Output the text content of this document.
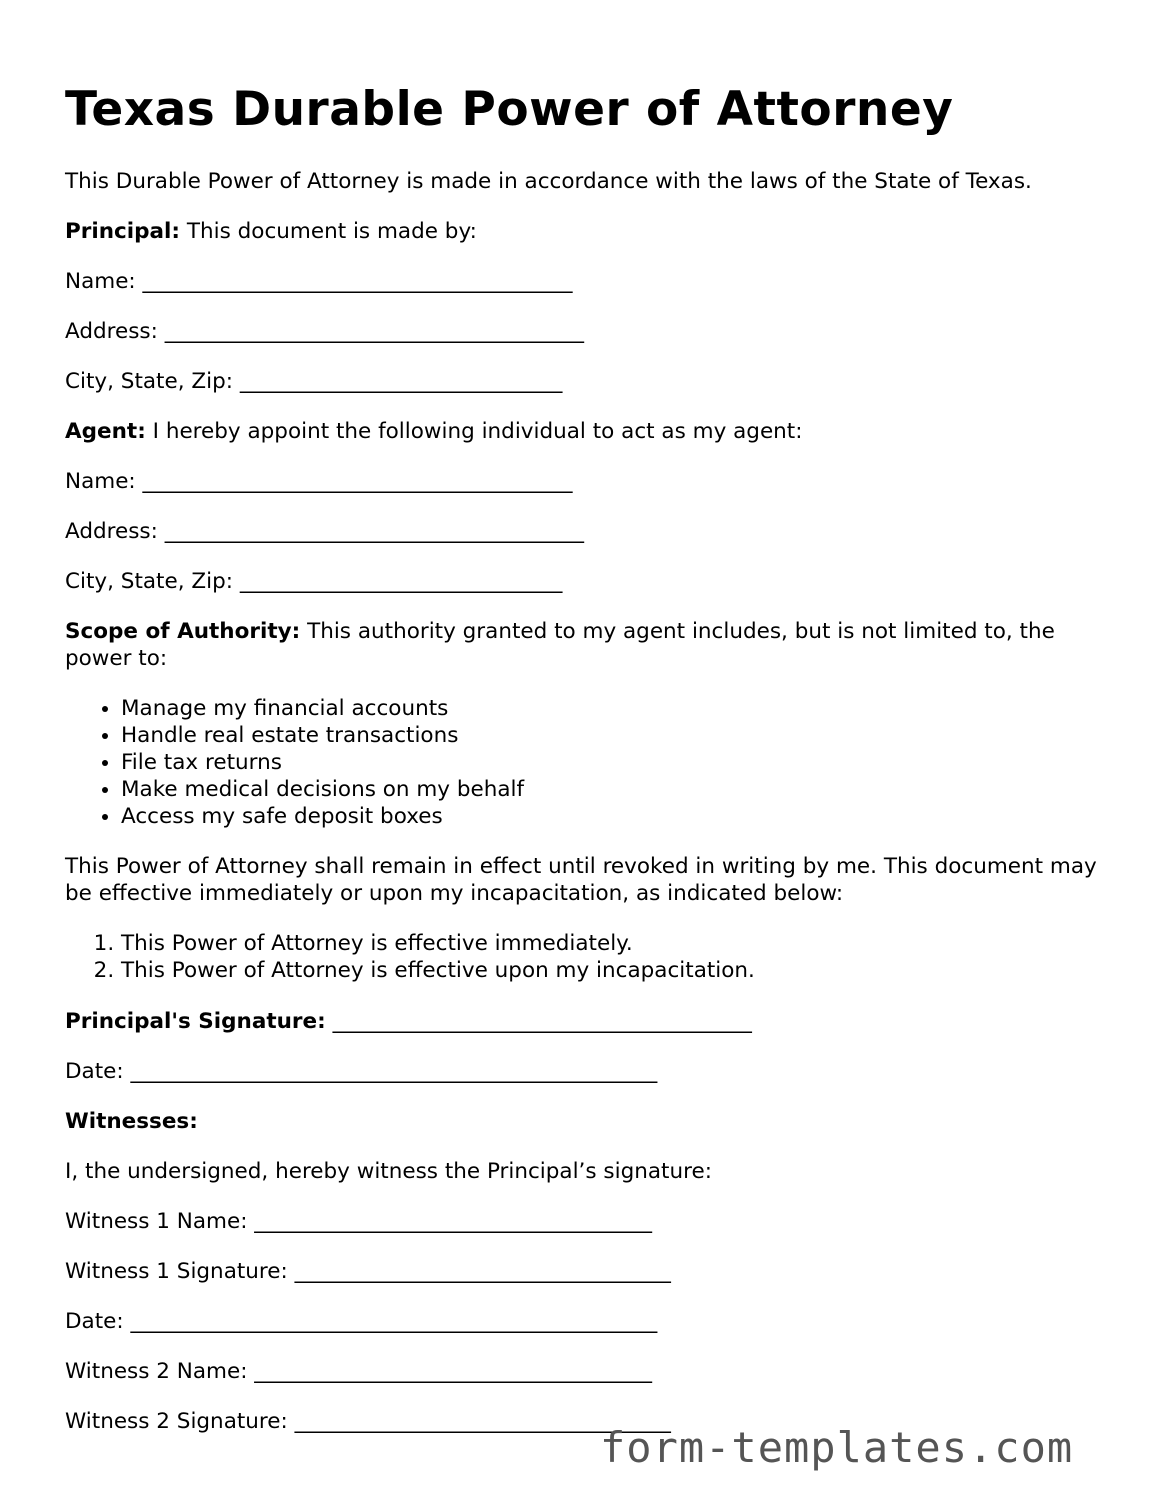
Texas Durable Power of Attorney

This Durable Power of Attorney is made in accordance with the laws of the State of Texas.

Principal: This document is made by:

Name: ________________________________________

Address: _______________________________________

City, State, Zip: ______________________________

Agent: I hereby appoint the following individual to act as my agent:

Name: ________________________________________

Address: _______________________________________

City, State, Zip: ______________________________

Scope of Authority: This authority granted to my agent includes, but is not limited to, the power to:

• Manage my financial accounts
• Handle real estate transactions
• File tax returns
• Make medical decisions on my behalf
• Access my safe deposit boxes

This Power of Attorney shall remain in effect until revoked in writing by me. This document may be effective immediately or upon my incapacitation, as indicated below:

1. This Power of Attorney is effective immediately.
2. This Power of Attorney is effective upon my incapacitation.

Principal's Signature: _______________________________________

Date: _________________________________________________

Witnesses:

I, the undersigned, hereby witness the Principal’s signature:

Witness 1 Name: _____________________________________

Witness 1 Signature: ___________________________________

Date: _________________________________________________

Witness 2 Name: _____________________________________

Witness 2 Signature: ___________________________________

form-templates.com
